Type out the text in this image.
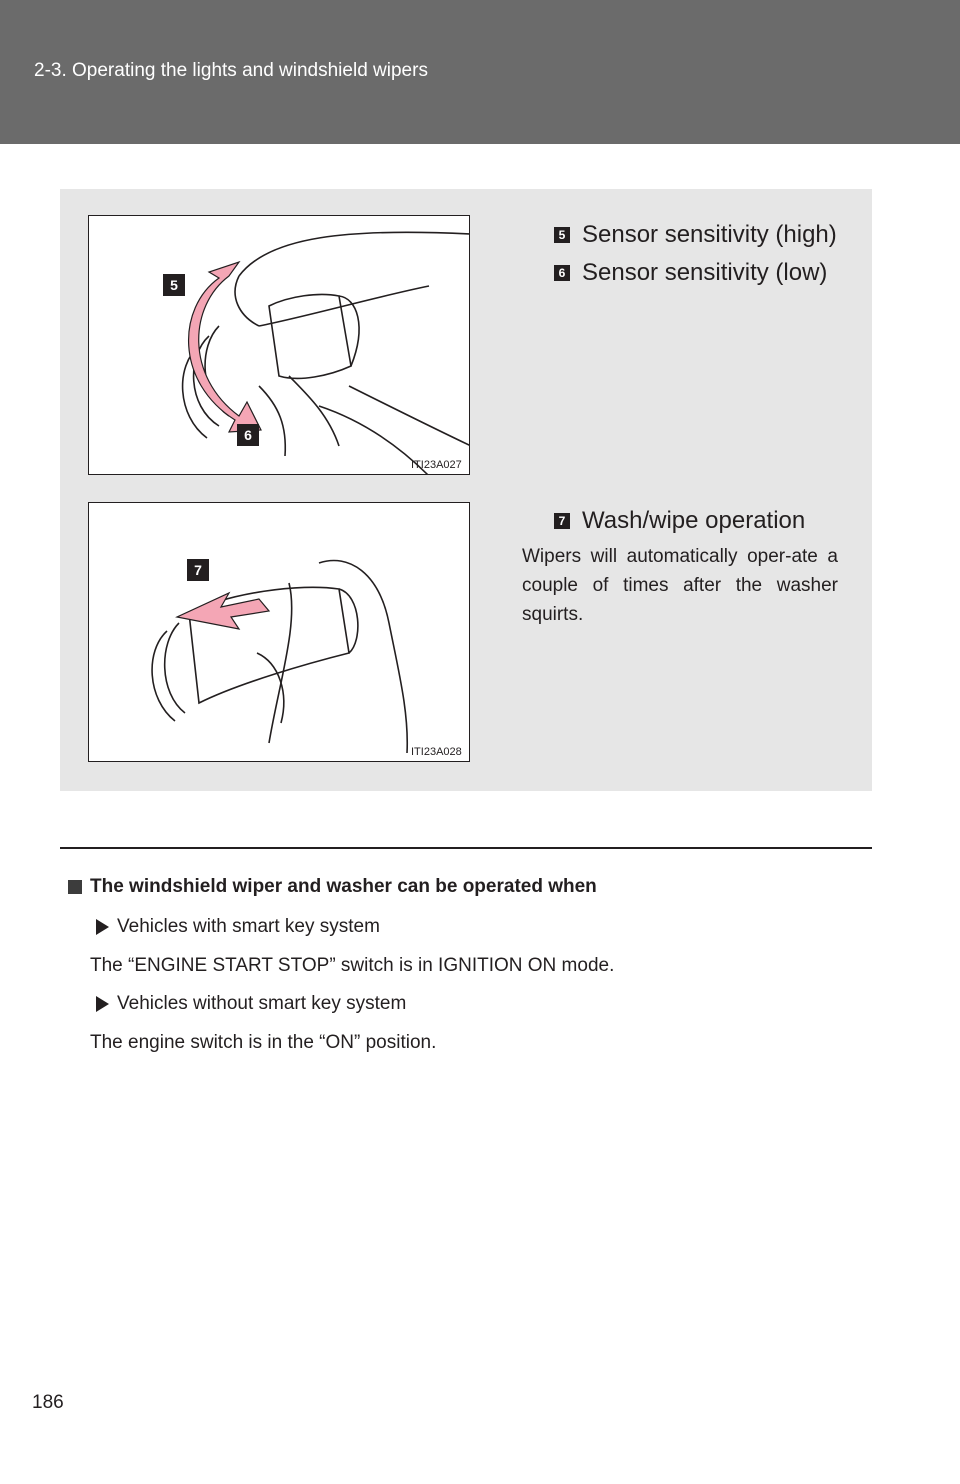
2-3. Operating the lights and windshield wipers
ITI23A027
5
6
ITI23A028
7
5 Sensor sensitivity (high)
6 Sensor sensitivity (low)
7 Wash/wipe operation
Wipers will automatically oper-ate a couple of times after the washer squirts.
The windshield wiper and washer can be operated when
Vehicles with smart key system
The “ENGINE START STOP” switch is in IGNITION ON mode.
Vehicles without smart key system
The engine switch is in the “ON” position.
186
